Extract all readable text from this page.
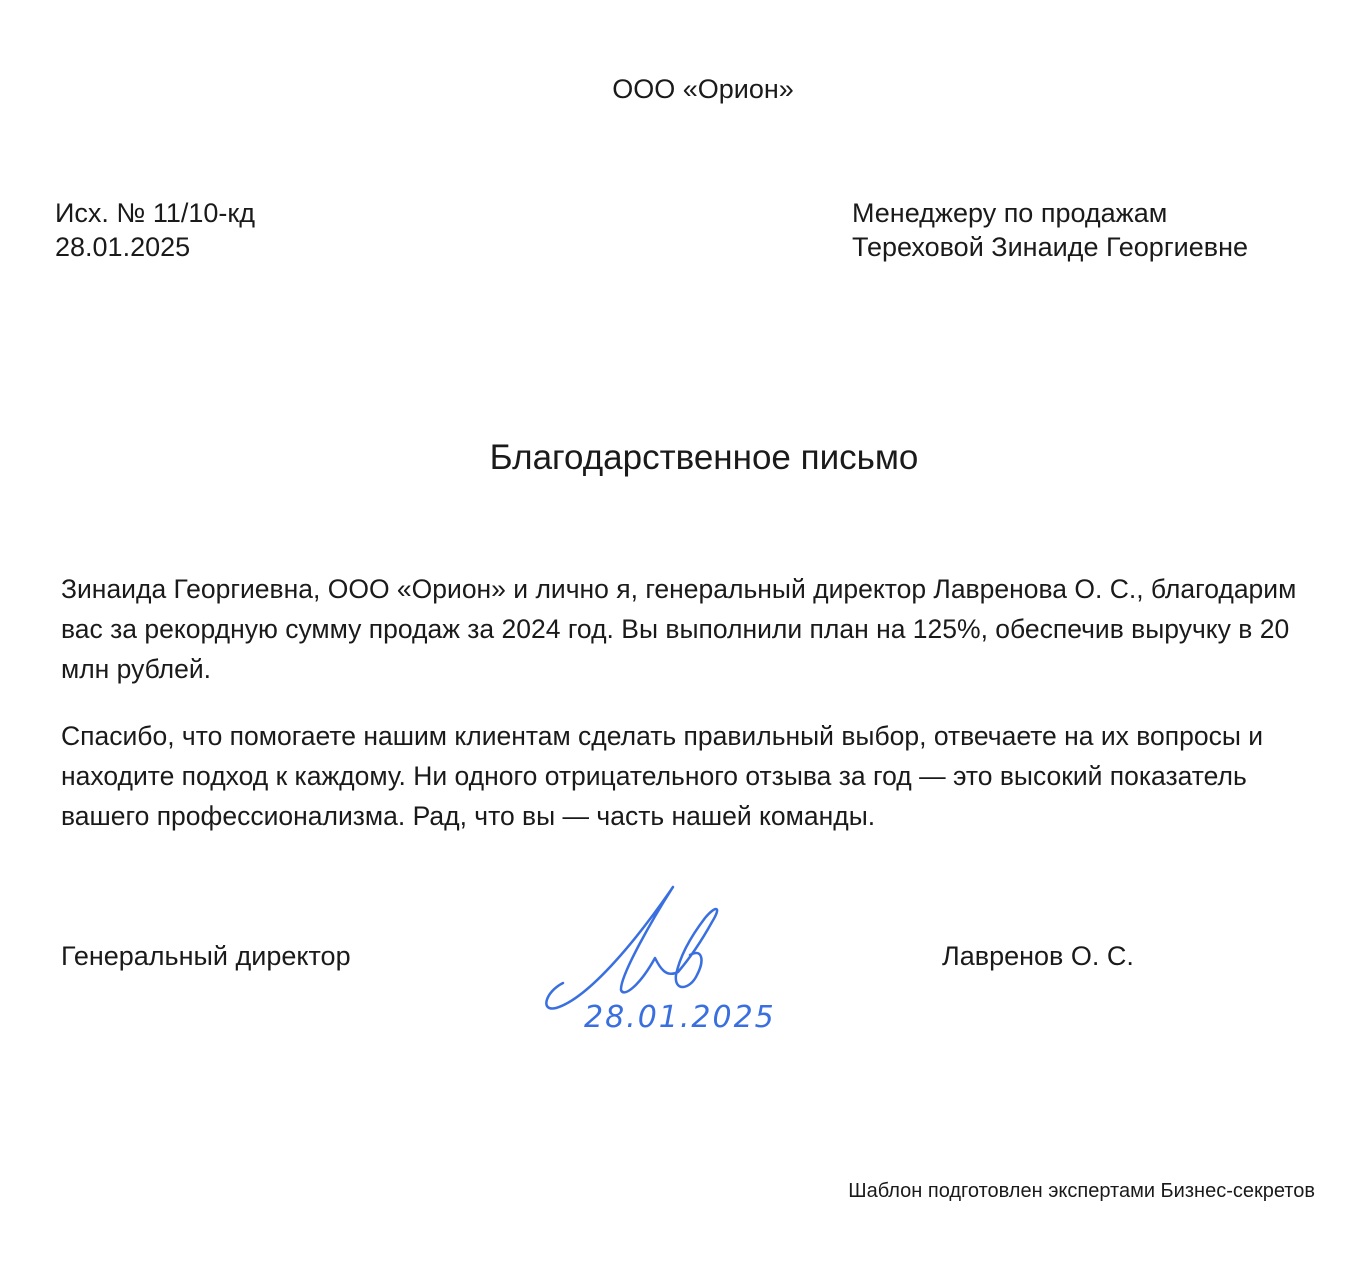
ООО «Орион»
Исх. № 11/10-кд
28.01.2025
Менеджеру по продажам
Тереховой Зинаиде Георгиевне
Благодарственное письмо
Зинаида Георгиевна, ООО «Орион» и лично я, генеральный директор Лавренова О. С., благодарим вас за рекордную сумму продаж за 2024 год. Вы выполнили план на 125%, обеспечив выручку в 20 млн рублей.
Спасибо, что помогаете нашим клиентам сделать правильный выбор, отвечаете на их вопросы и находите подход к каждому. Ни одного отрицательного отзыва за год — это высокий показатель вашего профессионализма. Рад, что вы — часть нашей команды.
Генеральный директор
28.01.2025
Лавренов О. С.
Шаблон подготовлен экспертами Бизнес-секретов
